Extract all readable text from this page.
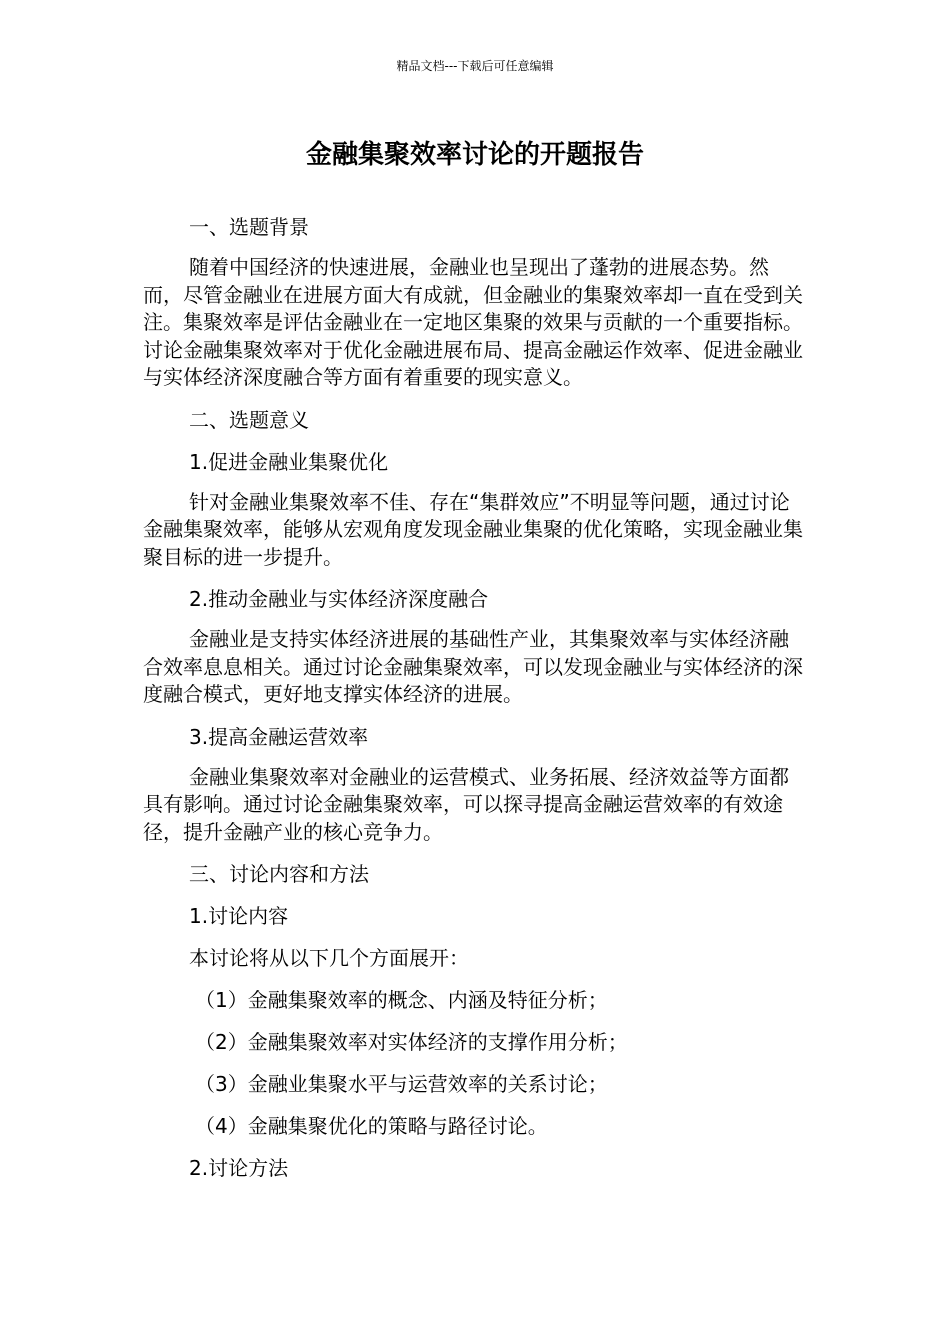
精品文档---下载后可任意编辑
金融集聚效率讨论的开题报告

一、选题背景

随着中国经济的快速进展，金融业也呈现出了蓬勃的进展态势。然而，尽管金融业在进展方面大有成就，但金融业的集聚效率却一直在受到关注。集聚效率是评估金融业在一定地区集聚的效果与贡献的一个重要指标。讨论金融集聚效率对于优化金融进展布局、提高金融运作效率、促进金融业与实体经济深度融合等方面有着重要的现实意义。

二、选题意义

1.促进金融业集聚优化

针对金融业集聚效率不佳、存在“集群效应”不明显等问题，通过讨论金融集聚效率，能够从宏观角度发现金融业集聚的优化策略，实现金融业集聚目标的进一步提升。

2.推动金融业与实体经济深度融合

金融业是支持实体经济进展的基础性产业，其集聚效率与实体经济融合效率息息相关。通过讨论金融集聚效率，可以发现金融业与实体经济的深度融合模式，更好地支撑实体经济的进展。

3.提高金融运营效率

金融业集聚效率对金融业的运营模式、业务拓展、经济效益等方面都具有影响。通过讨论金融集聚效率，可以探寻提高金融运营效率的有效途径，提升金融产业的核心竞争力。

三、讨论内容和方法

1.讨论内容

本讨论将从以下几个方面展开：

（1）金融集聚效率的概念、内涵及特征分析；

（2）金融集聚效率对实体经济的支撑作用分析；

（3）金融业集聚水平与运营效率的关系讨论；

（4）金融集聚优化的策略与路径讨论。

2.讨论方法
